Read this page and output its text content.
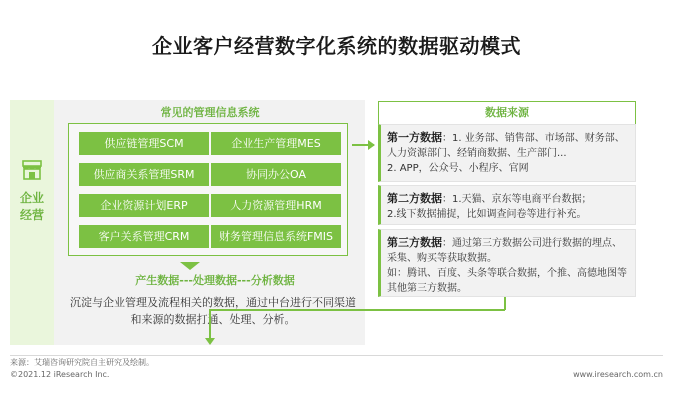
企业客户经营数字化系统的数据驱动模式
企业经营
常见的管理信息系统
供应链管理SCM	企业生产管理MES
供应商关系管理SRM	协同办公OA
企业资源计划ERP	人力资源管理HRM
客户关系管理CRM	财务管理信息系统FMIS
产生数据---处理数据---分析数据
沉淀与企业管理及流程相关的数据，通过中台进行不同渠道和来源的数据打通、处理、分析。
数据来源
第一方数据：1. 业务部、销售部、市场部、财务部、人力资源部门、经销商数据、生产部门...
2. APP，公众号、小程序、官网
第二方数据：1.天猫、京东等电商平台数据；
2.线下数据捕捉，比如调查问卷等进行补充。
第三方数据：通过第三方数据公司进行数据的埋点、采集、购买等获取数据。
如：腾讯、百度、头条等联合数据，个推、高德地图等其他第三方数据。
来源：艾瑞咨询研究院自主研究及绘制。
©2021.12 iResearch Inc.	www.iresearch.com.cn
